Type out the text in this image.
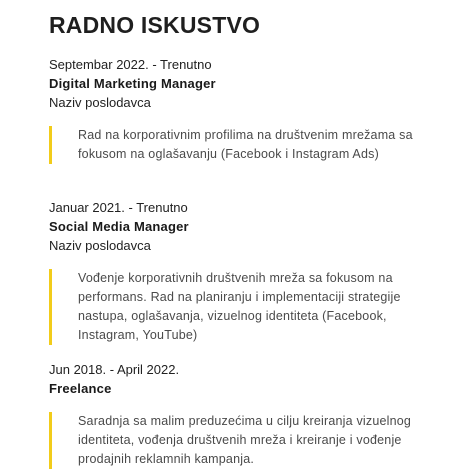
RADNO ISKUSTVO
Septembar 2022. - Trenutno
Digital Marketing Manager
Naziv poslodavca

Rad na korporativnim profilima na društvenim mrežama sa fokusom na oglašavanju (Facebook i Instagram Ads)

Januar 2021. - Trenutno
Social Media Manager
Naziv poslodavca

Vođenje korporativnih društvenih mreža sa fokusom na performans. Rad na planiranju i implementaciji strategije nastupa, oglašavanja, vizuelnog identiteta (Facebook, Instagram, YouTube)

Jun 2018. - April 2022.
Freelance

Saradnja sa malim preduzećima u cilju kreiranja vizuelnog identiteta, vođenja društvenih mreža i kreiranje i vođenje prodajnih reklamnih kampanja.
